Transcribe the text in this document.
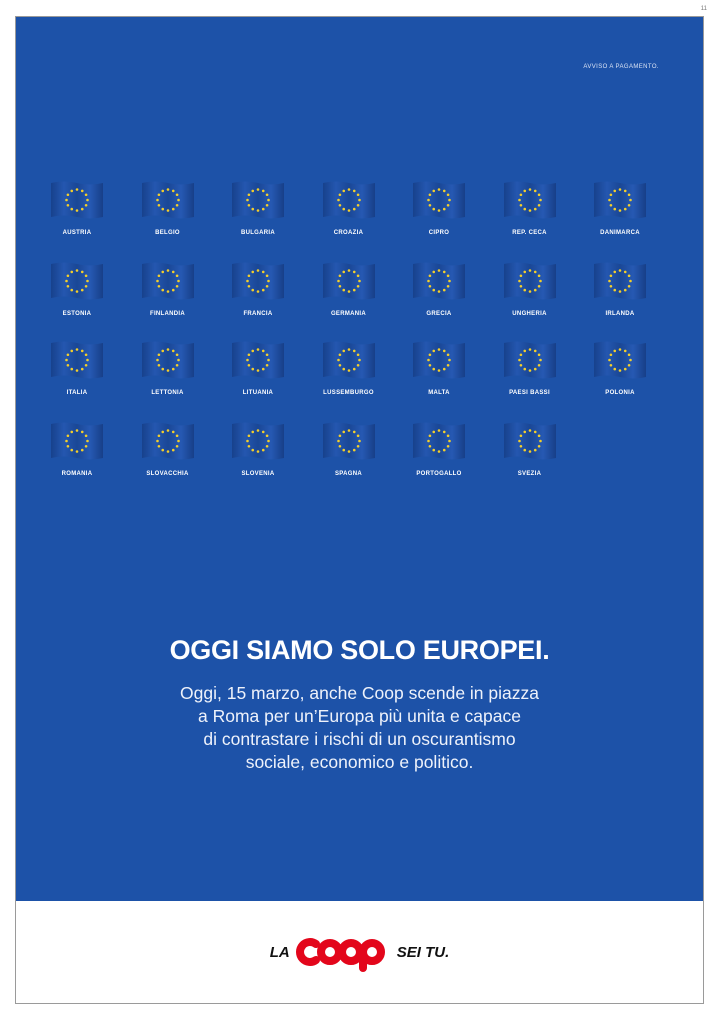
11
AVVISO A PAGAMENTO.
AUSTRIA	BELGIO	BULGARIA	CROAZIA	CIPRO	REP. CECA	DANIMARCA
ESTONIA	FINLANDIA	FRANCIA	GERMANIA	GRECIA	UNGHERIA	IRLANDA
ITALIA	LETTONIA	LITUANIA	LUSSEMBURGO	MALTA	PAESI BASSI	POLONIA
ROMANIA	SLOVACCHIA	SLOVENIA	SPAGNA	PORTOGALLO	SVEZIA
OGGI SIAMO SOLO EUROPEI.
Oggi, 15 marzo, anche Coop scende in piazza
a Roma per un’Europa più unita e capace
di contrastare i rischi di un oscurantismo
sociale, economico e politico.
LA
COOP
SEI TU.
